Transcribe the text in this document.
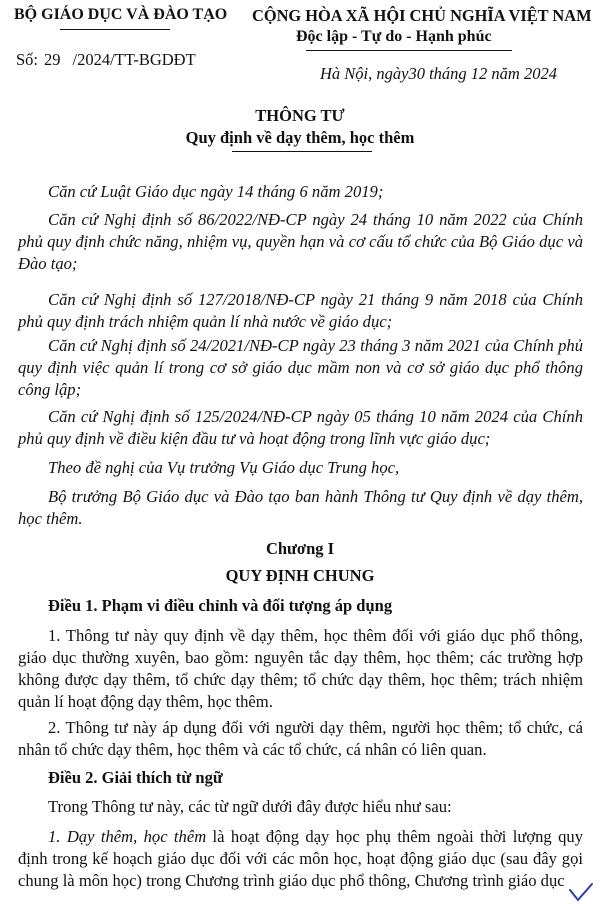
BỘ GIÁO DỤC VÀ ĐÀO TẠO
Số: 29 /2024/TT-BGDĐT
CỘNG HÒA XÃ HỘI CHỦ NGHĨA VIỆT NAM
Độc lập - Tự do - Hạnh phúc
Hà Nội, ngày30 tháng 12 năm 2024
THÔNG TƯ
Quy định về dạy thêm, học thêm

Căn cứ Luật Giáo dục ngày 14 tháng 6 năm 2019;

Căn cứ Nghị định số 86/2022/NĐ-CP ngày 24 tháng 10 năm 2022 của Chính phủ quy định chức năng, nhiệm vụ, quyền hạn và cơ cấu tổ chức của Bộ Giáo dục và Đào tạo;

Căn cứ Nghị định số 127/2018/NĐ-CP ngày 21 tháng 9 năm 2018 của Chính phủ quy định trách nhiệm quản lí nhà nước về giáo dục;

Căn cứ Nghị định số 24/2021/NĐ-CP ngày 23 tháng 3 năm 2021 của Chính phủ quy định việc quản lí trong cơ sở giáo dục mầm non và cơ sở giáo dục phổ thông công lập;

Căn cứ Nghị định số 125/2024/NĐ-CP ngày 05 tháng 10 năm 2024 của Chính phủ quy định về điều kiện đầu tư và hoạt động trong lĩnh vực giáo dục;

Theo đề nghị của Vụ trưởng Vụ Giáo dục Trung học,

Bộ trưởng Bộ Giáo dục và Đào tạo ban hành Thông tư Quy định về dạy thêm, học thêm.

Chương I
QUY ĐỊNH CHUNG
Điều 1. Phạm vi điều chỉnh và đối tượng áp dụng

1. Thông tư này quy định về dạy thêm, học thêm đối với giáo dục phổ thông, giáo dục thường xuyên, bao gồm: nguyên tắc dạy thêm, học thêm; các trường hợp không được dạy thêm, tổ chức dạy thêm; tổ chức dạy thêm, học thêm; trách nhiệm quản lí hoạt động dạy thêm, học thêm.

2. Thông tư này áp dụng đối với người dạy thêm, người học thêm; tổ chức, cá nhân tổ chức dạy thêm, học thêm và các tổ chức, cá nhân có liên quan.

Điều 2. Giải thích từ ngữ

Trong Thông tư này, các từ ngữ dưới đây được hiểu như sau:

1. Dạy thêm, học thêm là hoạt động dạy học phụ thêm ngoài thời lượng quy định trong kế hoạch giáo dục đối với các môn học, hoạt động giáo dục (sau đây gọi chung là môn học) trong Chương trình giáo dục phổ thông, Chương trình giáo dục
